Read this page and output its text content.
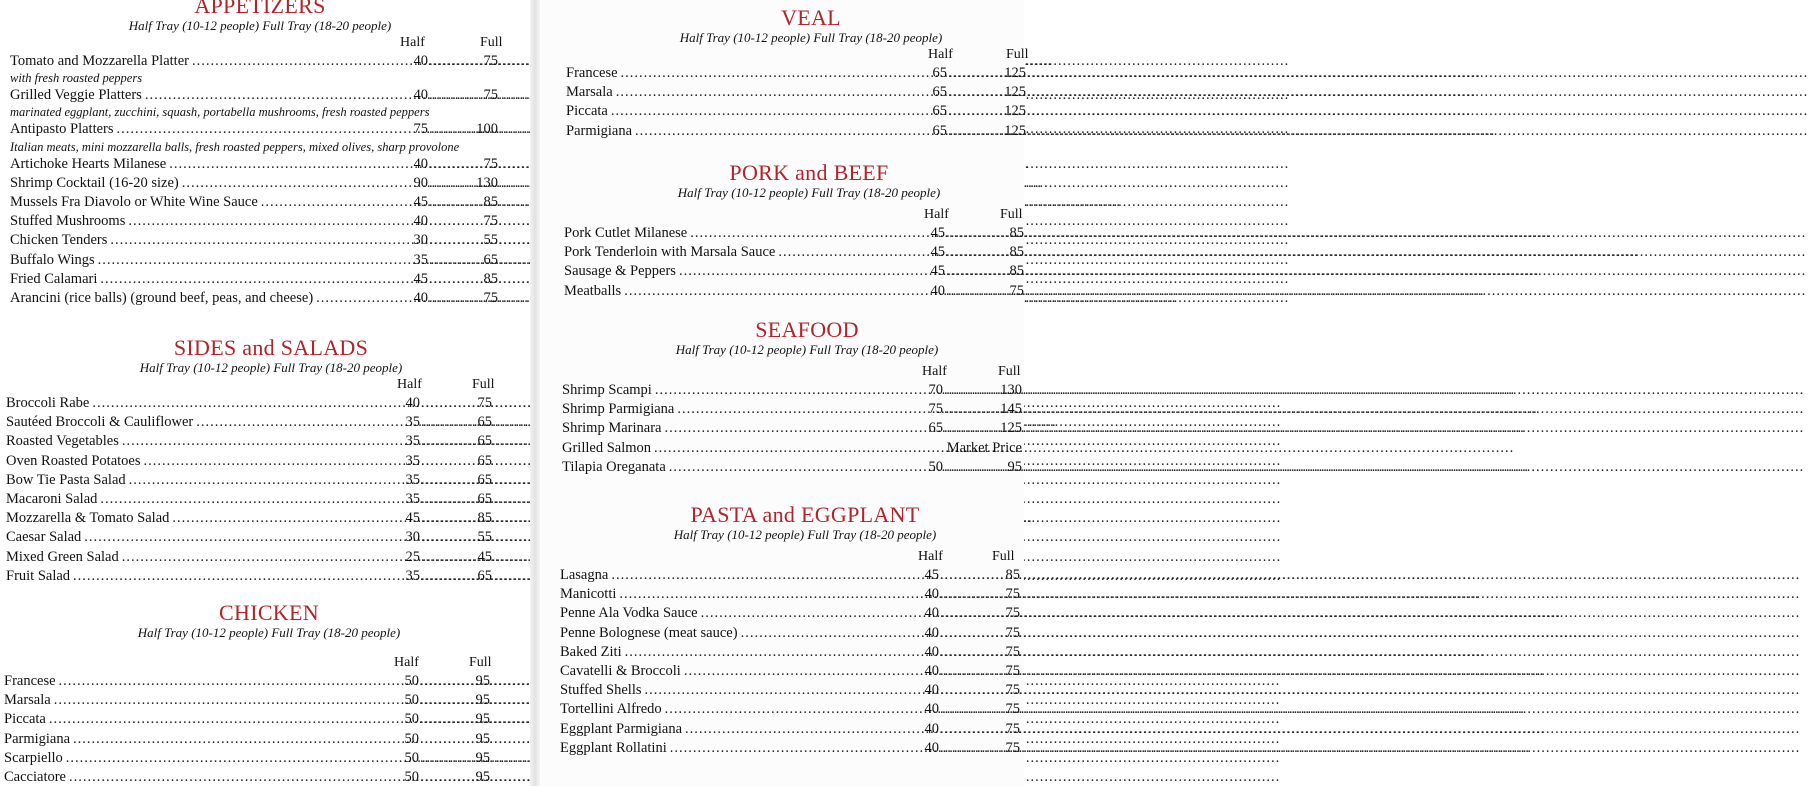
APPETIZERS
Half Tray (10-12 people) Full Tray (18-20 people)
Half	Full
Tomato and Mozzarella Platter .....	40	75
.....
with fresh roasted peppers
Grilled Veggie Platters .....	40	75
.....
marinated eggplant, zucchini, squash, portabella mushrooms, fresh roasted peppers
Antipasto Platters .....	75	100
.....
Italian meats, mini mozzarella balls, fresh roasted peppers, mixed olives, sharp provolone
Artichoke Hearts Milanese .....	40	75
.....
Shrimp Cocktail (16-20 size) .....	90	130
.....
Mussels Fra Diavolo or White Wine Sauce .....	45	85
.....
Stuffed Mushrooms .....	40	75
.....
Chicken Tenders .....	30	55
.....
Buffalo Wings .....	35	65
.....
Fried Calamari .....	45	85
.....
Arancini (rice balls) (ground beef, peas, and cheese) .....	40	75
.....
SIDES and SALADS
Half Tray (10-12 people) Full Tray (18-20 people)
Half	Full
Broccoli Rabe .....	40	75
.....
Sautéed Broccoli & Cauliflower .....	35	65
.....
Roasted Vegetables .....	35	65
.....
Oven Roasted Potatoes .....	35	65
.....
Bow Tie Pasta Salad .....	35	65
.....
Macaroni Salad .....	35	65
.....
Mozzarella & Tomato Salad .....	45	85
.....
Caesar Salad .....	30	55
.....
Mixed Green Salad .....	25	45
.....
Fruit Salad .....	35	65
.....
CHICKEN
Half Tray (10-12 people) Full Tray (18-20 people)
Half	Full
Francese .....	50	95
.....
Marsala .....	50	95
.....
Piccata .....	50	95
.....
Parmigiana .....	50	95
.....
Scarpiello .....	50	95
.....
Cacciatore .....	50	95
.....
VEAL
Half Tray (10-12 people) Full Tray (18-20 people)
Half	Full
Francese .....	65	125
.....
Marsala .....	65	125
.....
Piccata .....	65	125
.....
Parmigiana .....	65	125
.....
PORK and BEEF
Half Tray (10-12 people) Full Tray (18-20 people)
Half	Full
Pork Cutlet Milanese .....	45	85
.....
Pork Tenderloin with Marsala Sauce .....	45	85
.....
Sausage & Peppers .....	45	85
.....
Meatballs .....	40	75
.....
SEAFOOD
Half Tray (10-12 people) Full Tray (18-20 people)
Half	Full
Shrimp Scampi .....	70	130
.....
Shrimp Parmigiana .....	75	145
.....
Shrimp Marinara .....	65	125
.....
Grilled Salmon .....	Market Price
Tilapia Oreganata .....	50	95
.....
PASTA and EGGPLANT
Half Tray (10-12 people) Full Tray (18-20 people)
Half	Full
Lasagna .....	45	85
.....
Manicotti .....	40	75
.....
Penne Ala Vodka Sauce .....	40	75
.....
Penne Bolognese (meat sauce) .....	40	75
.....
Baked Ziti .....	40	75
.....
Cavatelli & Broccoli .....	40	75
.....
Stuffed Shells .....	40	75
.....
Tortellini Alfredo .....	40	75
.....
Eggplant Parmigiana .....	40	75
.....
Eggplant Rollatini .....	40	75
.....
